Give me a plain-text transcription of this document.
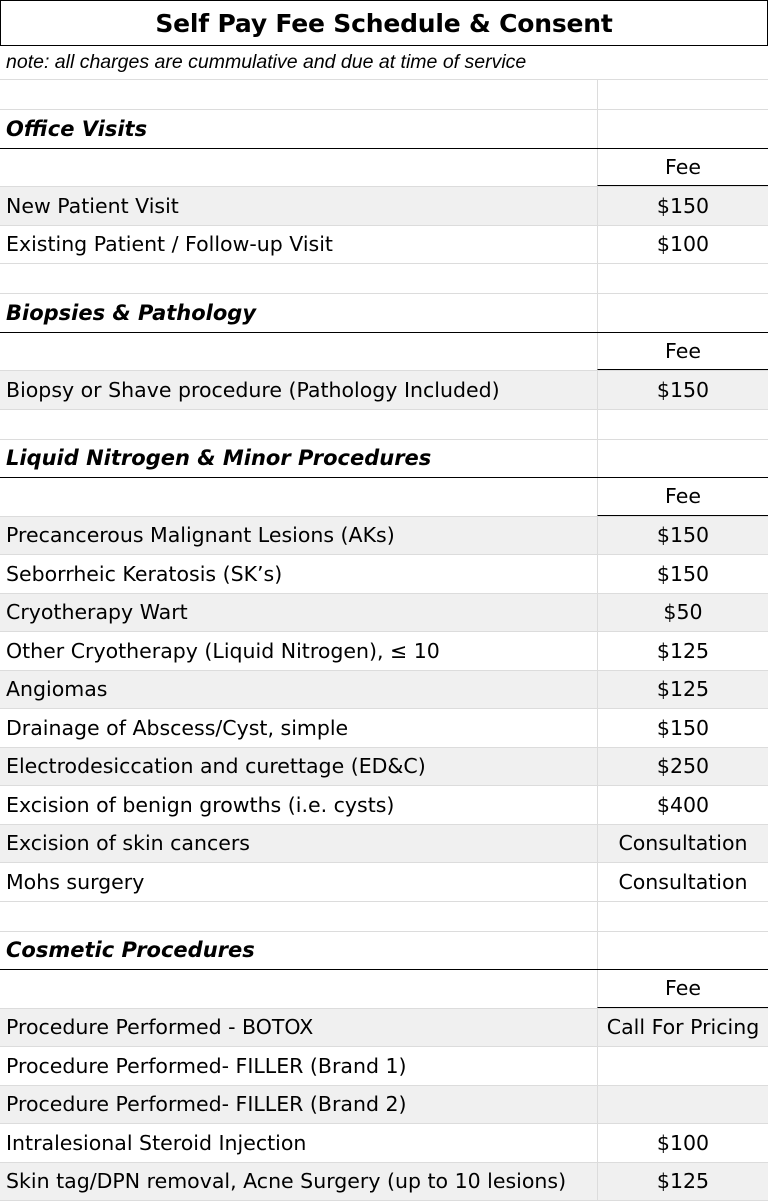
Self Pay Fee Schedule & Consent
note: all charges are cummulative and due at time of service
Office Visits
Fee
New Patient Visit	$150
Existing Patient / Follow-up Visit	$100
Biopsies & Pathology
Fee
Biopsy or Shave procedure (Pathology Included)	$150
Liquid Nitrogen & Minor Procedures
Fee
Precancerous Malignant Lesions (AKs)	$150
Seborrheic Keratosis (SK’s)	$150
Cryotherapy Wart	$50
Other Cryotherapy (Liquid Nitrogen), ≤ 10	$125
Angiomas	$125
Drainage of Abscess/Cyst, simple	$150
Electrodesiccation and curettage (ED&C)	$250
Excision of benign growths (i.e. cysts)	$400
Excision of skin cancers	Consultation
Mohs surgery	Consultation
Cosmetic Procedures
Fee
Procedure Performed - BOTOX	Call For Pricing
Procedure Performed- FILLER (Brand 1)
Procedure Performed- FILLER (Brand 2)
Intralesional Steroid Injection	$100
Skin tag/DPN removal, Acne Surgery (up to 10 lesions)	$125
